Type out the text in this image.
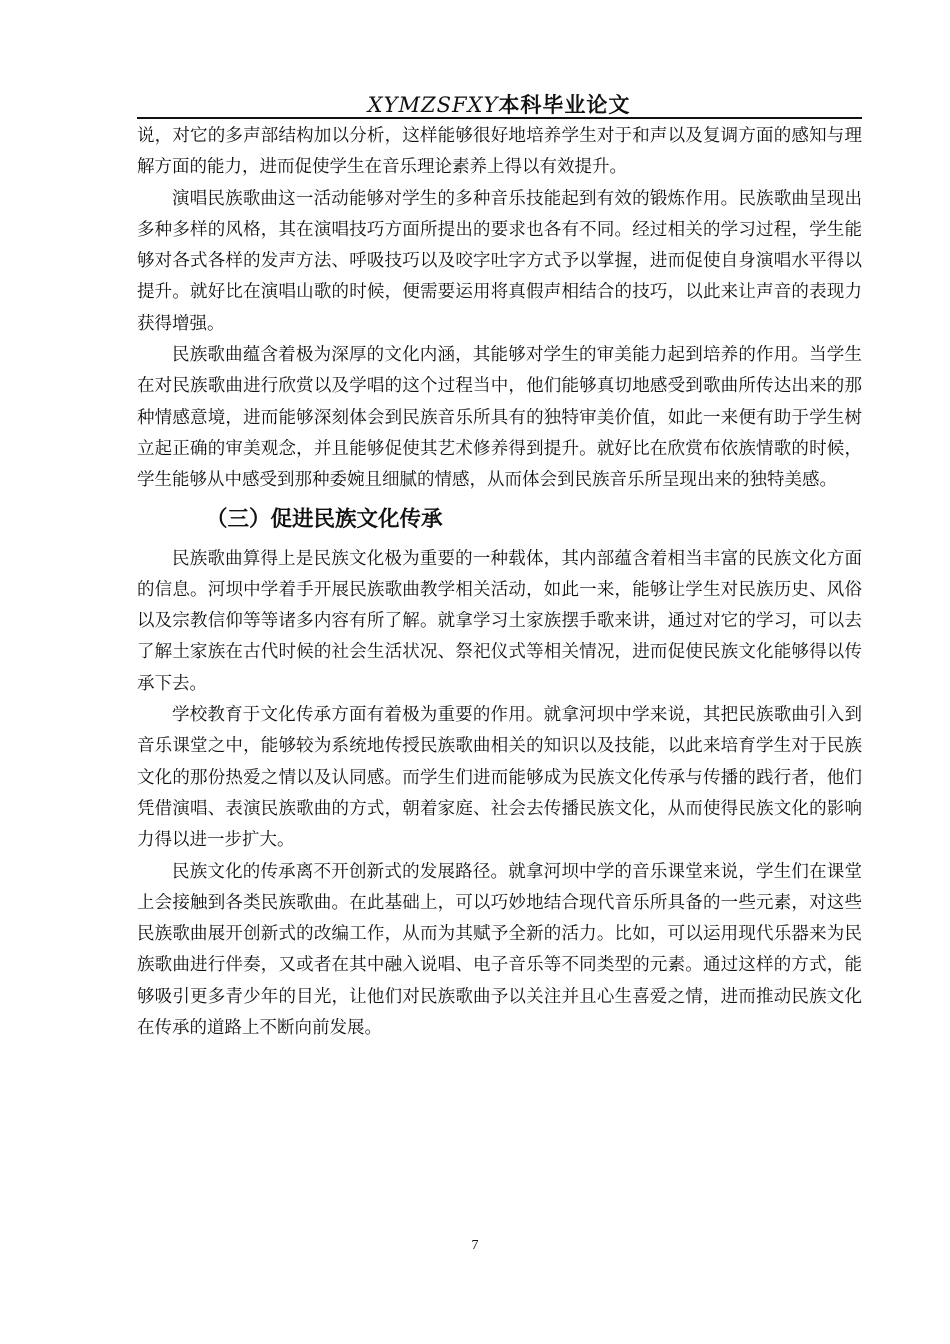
XYMZSFXY本科毕业论文

说，对它的多声部结构加以分析，这样能够很好地培养学生对于和声以及复调方面的感知与理解方面的能力，进而促使学生在音乐理论素养上得以有效提升。

演唱民族歌曲这一活动能够对学生的多种音乐技能起到有效的锻炼作用。民族歌曲呈现出多种多样的风格，其在演唱技巧方面所提出的要求也各有不同。经过相关的学习过程，学生能够对各式各样的发声方法、呼吸技巧以及咬字吐字方式予以掌握，进而促使自身演唱水平得以提升。就好比在演唱山歌的时候，便需要运用将真假声相结合的技巧，以此来让声音的表现力获得增强。

民族歌曲蕴含着极为深厚的文化内涵，其能够对学生的审美能力起到培养的作用。当学生在对民族歌曲进行欣赏以及学唱的这个过程当中，他们能够真切地感受到歌曲所传达出来的那种情感意境，进而能够深刻体会到民族音乐所具有的独特审美价值，如此一来便有助于学生树立起正确的审美观念，并且能够促使其艺术修养得到提升。就好比在欣赏布依族情歌的时候，学生能够从中感受到那种委婉且细腻的情感，从而体会到民族音乐所呈现出来的独特美感。

（三）促进民族文化传承

民族歌曲算得上是民族文化极为重要的一种载体，其内部蕴含着相当丰富的民族文化方面的信息。河坝中学着手开展民族歌曲教学相关活动，如此一来，能够让学生对民族历史、风俗以及宗教信仰等等诸多内容有所了解。就拿学习土家族摆手歌来讲，通过对它的学习，可以去了解土家族在古代时候的社会生活状况、祭祀仪式等相关情况，进而促使民族文化能够得以传承下去。

学校教育于文化传承方面有着极为重要的作用。就拿河坝中学来说，其把民族歌曲引入到音乐课堂之中，能够较为系统地传授民族歌曲相关的知识以及技能，以此来培育学生对于民族文化的那份热爱之情以及认同感。而学生们进而能够成为民族文化传承与传播的践行者，他们凭借演唱、表演民族歌曲的方式，朝着家庭、社会去传播民族文化，从而使得民族文化的影响力得以进一步扩大。

民族文化的传承离不开创新式的发展路径。就拿河坝中学的音乐课堂来说，学生们在课堂上会接触到各类民族歌曲。在此基础上，可以巧妙地结合现代音乐所具备的一些元素，对这些民族歌曲展开创新式的改编工作，从而为其赋予全新的活力。比如，可以运用现代乐器来为民族歌曲进行伴奏，又或者在其中融入说唱、电子音乐等不同类型的元素。通过这样的方式，能够吸引更多青少年的目光，让他们对民族歌曲予以关注并且心生喜爱之情，进而推动民族文化在传承的道路上不断向前发展。

7
